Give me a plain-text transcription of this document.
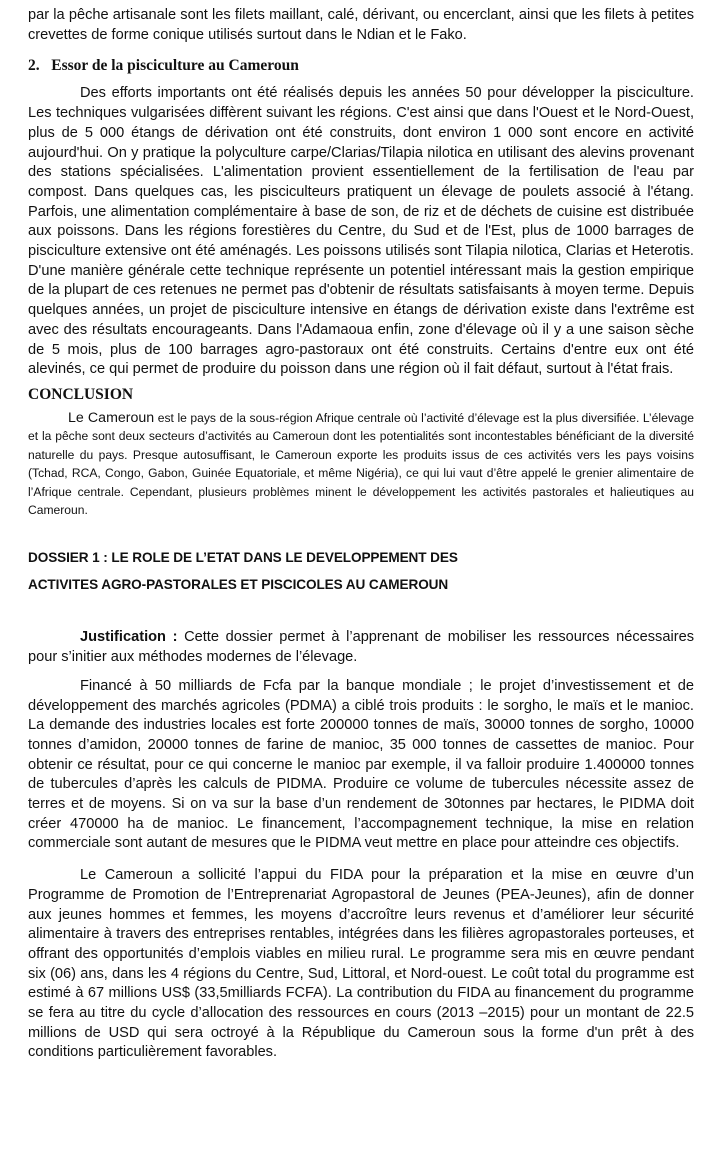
par la pêche artisanale sont les filets maillant, calé, dérivant, ou encerclant, ainsi que les filets à petites crevettes de forme conique utilisés surtout dans le Ndian et le Fako.

2. Essor de la pisciculture au Cameroun

Des efforts importants ont été réalisés depuis les années 50 pour développer la pisciculture. Les techniques vulgarisées diffèrent suivant les régions. C'est ainsi que dans l'Ouest et le Nord-Ouest, plus de 5 000 étangs de dérivation ont été construits, dont environ 1 000 sont encore en activité aujourd'hui. On y pratique la polyculture carpe/Clarias/Tilapia nilotica en utilisant des alevins provenant des stations spécialisées. L'alimentation provient essentiellement de la fertilisation de l'eau par compost. Dans quelques cas, les pisciculteurs pratiquent un élevage de poulets associé à l'étang. Parfois, une alimentation complémentaire à base de son, de riz et de déchets de cuisine est distribuée aux poissons. Dans les régions forestières du Centre, du Sud et de l'Est, plus de 1000 barrages de pisciculture extensive ont été aménagés. Les poissons utilisés sont Tilapia nilotica, Clarias et Heterotis. D'une manière générale cette technique représente un potentiel intéressant mais la gestion empirique de la plupart de ces retenues ne permet pas d'obtenir de résultats satisfaisants à moyen terme. Depuis quelques années, un projet de pisciculture intensive en étangs de dérivation existe dans l'extrême est avec des résultats encourageants. Dans l'Adamaoua enfin, zone d'élevage où il y a une saison sèche de 5 mois, plus de 100 barrages agro-pastoraux ont été construits. Certains d'entre eux ont été alevinés, ce qui permet de produire du poisson dans une région où il fait défaut, surtout à l'état frais.

CONCLUSION

Le Cameroun est le pays de la sous-région Afrique centrale où l’activité d’élevage est la plus diversifiée. L’élevage et la pêche sont deux secteurs d’activités au Cameroun dont les potentialités sont incontestables bénéficiant de la diversité naturelle du pays. Presque autosuffisant, le Cameroun exporte les produits issus de ces activités vers les pays voisins (Tchad, RCA, Congo, Gabon, Guinée Equatoriale, et même Nigéria), ce qui lui vaut d’être appelé le grenier alimentaire de l’Afrique centrale. Cependant, plusieurs problèmes minent le développement les activités pastorales et halieutiques au Cameroun.

DOSSIER 1 : LE ROLE DE L’ETAT DANS LE DEVELOPPEMENT DES

ACTIVITES AGRO-PASTORALES ET PISCICOLES AU CAMEROUN

Justification : Cette dossier permet à l’apprenant de mobiliser les ressources nécessaires pour s’initier aux méthodes modernes de l’élevage.

Financé à 50 milliards de Fcfa par la banque mondiale ; le projet d’investissement et de développement des marchés agricoles (PDMA) a ciblé trois produits : le sorgho, le maïs et le manioc. La demande des industries locales est forte 200000 tonnes de maïs, 30000 tonnes de sorgho, 10000 tonnes d’amidon, 20000 tonnes de farine de manioc, 35 000 tonnes de cassettes de manioc. Pour obtenir ce résultat, pour ce qui concerne le manioc par exemple, il va falloir produire 1.400000 tonnes de tubercules d’après les calculs de PIDMA. Produire ce volume de tubercules nécessite assez de terres et de moyens. Si on va sur la base d’un rendement de 30tonnes par hectares, le PIDMA doit créer 470000 ha de manioc. Le financement, l’accompagnement technique, la mise en relation commerciale sont autant de mesures que le PIDMA veut mettre en place pour atteindre ces objectifs.

Le Cameroun a sollicité l’appui du FIDA pour la préparation et la mise en œuvre d’un Programme de Promotion de l’Entreprenariat Agropastoral de Jeunes (PEA-Jeunes), afin de donner aux jeunes hommes et femmes, les moyens d’accroître leurs revenus et d’améliorer leur sécurité alimentaire à travers des entreprises rentables, intégrées dans les filières agropastorales porteuses, et offrant des opportunités d’emplois viables en milieu rural. Le programme sera mis en œuvre pendant six (06) ans, dans les 4 régions du Centre, Sud, Littoral, et Nord-ouest. Le coût total du programme est estimé à 67 millions US$ (33,5milliards FCFA). La contribution du FIDA au financement du programme se fera au titre du cycle d’allocation des ressources en cours (2013 –2015) pour un montant de 22.5 millions de USD qui sera octroyé à la République du Cameroun sous la forme d'un prêt à des conditions particulièrement favorables.
